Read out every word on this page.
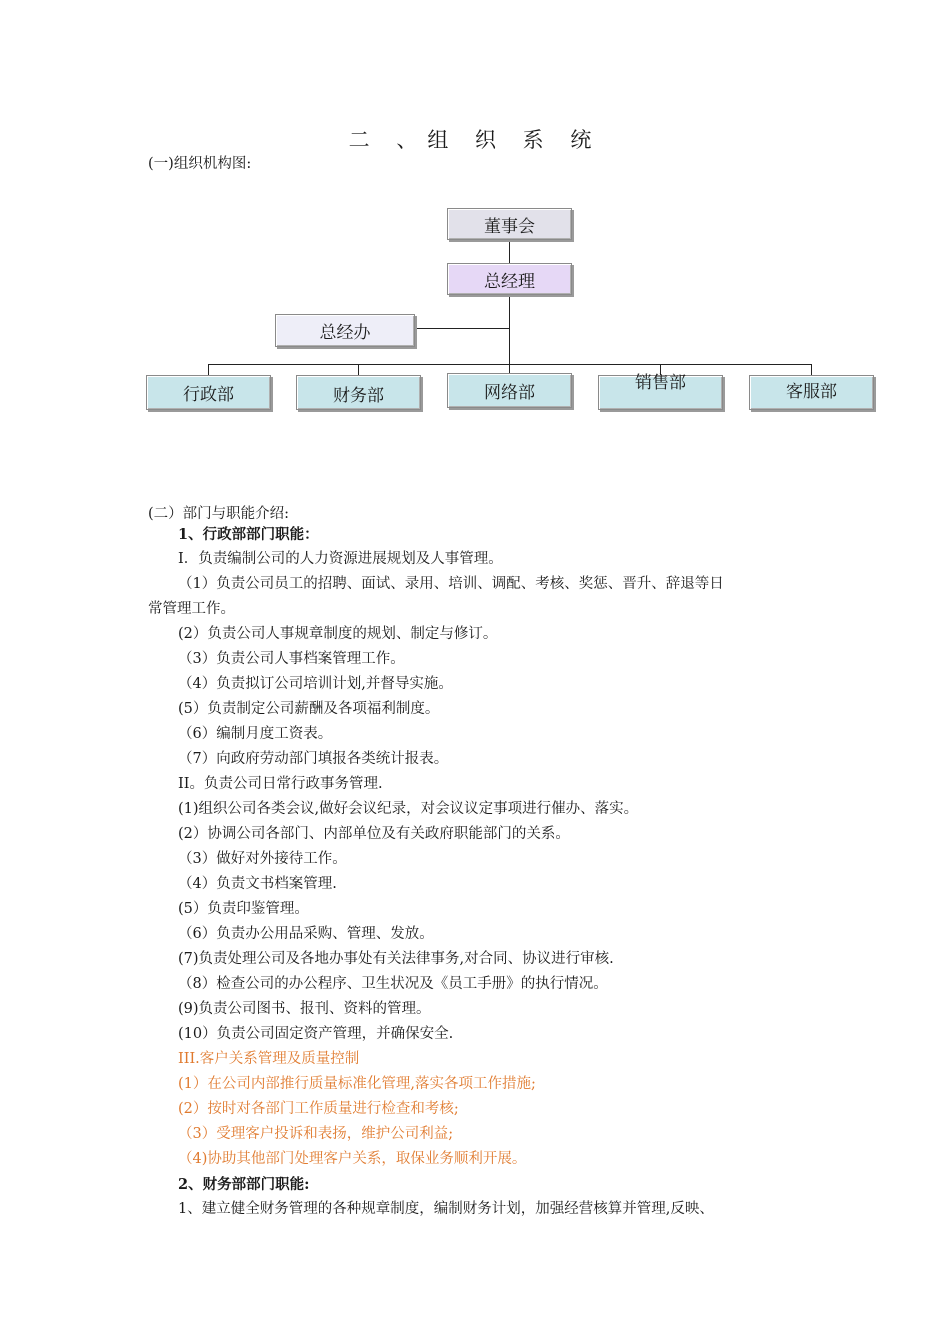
二 、组 织 系 统
(一)组织机构图:
董事会
总经理
总经办
行政部	财务部	网络部	销售部	客服部
(二）部门与职能介绍:
1、行政部部门职能：
I．负责编制公司的人力资源进展规划及人事管理。
（1）负责公司员工的招聘、面试、录用、培训、调配、考核、奖惩、晋升、辞退等日
常管理工作。
(2）负责公司人事规章制度的规划、制定与修订。
（3）负责公司人事档案管理工作。
（4）负责拟订公司培训计划,并督导实施。
(5）负责制定公司薪酬及各项福利制度。
（6）编制月度工资表。
（7）向政府劳动部门填报各类统计报表。
II。负责公司日常行政事务管理.
(1)组织公司各类会议,做好会议纪录，对会议议定事项进行催办、落实。
(2）协调公司各部门、内部单位及有关政府职能部门的关系。
（3）做好对外接待工作。
（4）负责文书档案管理.
(5）负责印鉴管理。
（6）负责办公用品采购、管理、发放。
(7)负责处理公司及各地办事处有关法律事务,对合同、协议进行审核.
（8）检查公司的办公程序、卫生状况及《员工手册》的执行情况。
(9)负责公司图书、报刊、资料的管理。
(10）负责公司固定资产管理，并确保安全.
III.客户关系管理及质量控制
(1）在公司内部推行质量标准化管理,落实各项工作措施;
(2）按时对各部门工作质量进行检查和考核;
（3）受理客户投诉和表扬，维护公司利益;
（4)协助其他部门处理客户关系，取保业务顺利开展。
2、财务部部门职能:
1、建立健全财务管理的各种规章制度，编制财务计划，加强经营核算并管理,反映、
